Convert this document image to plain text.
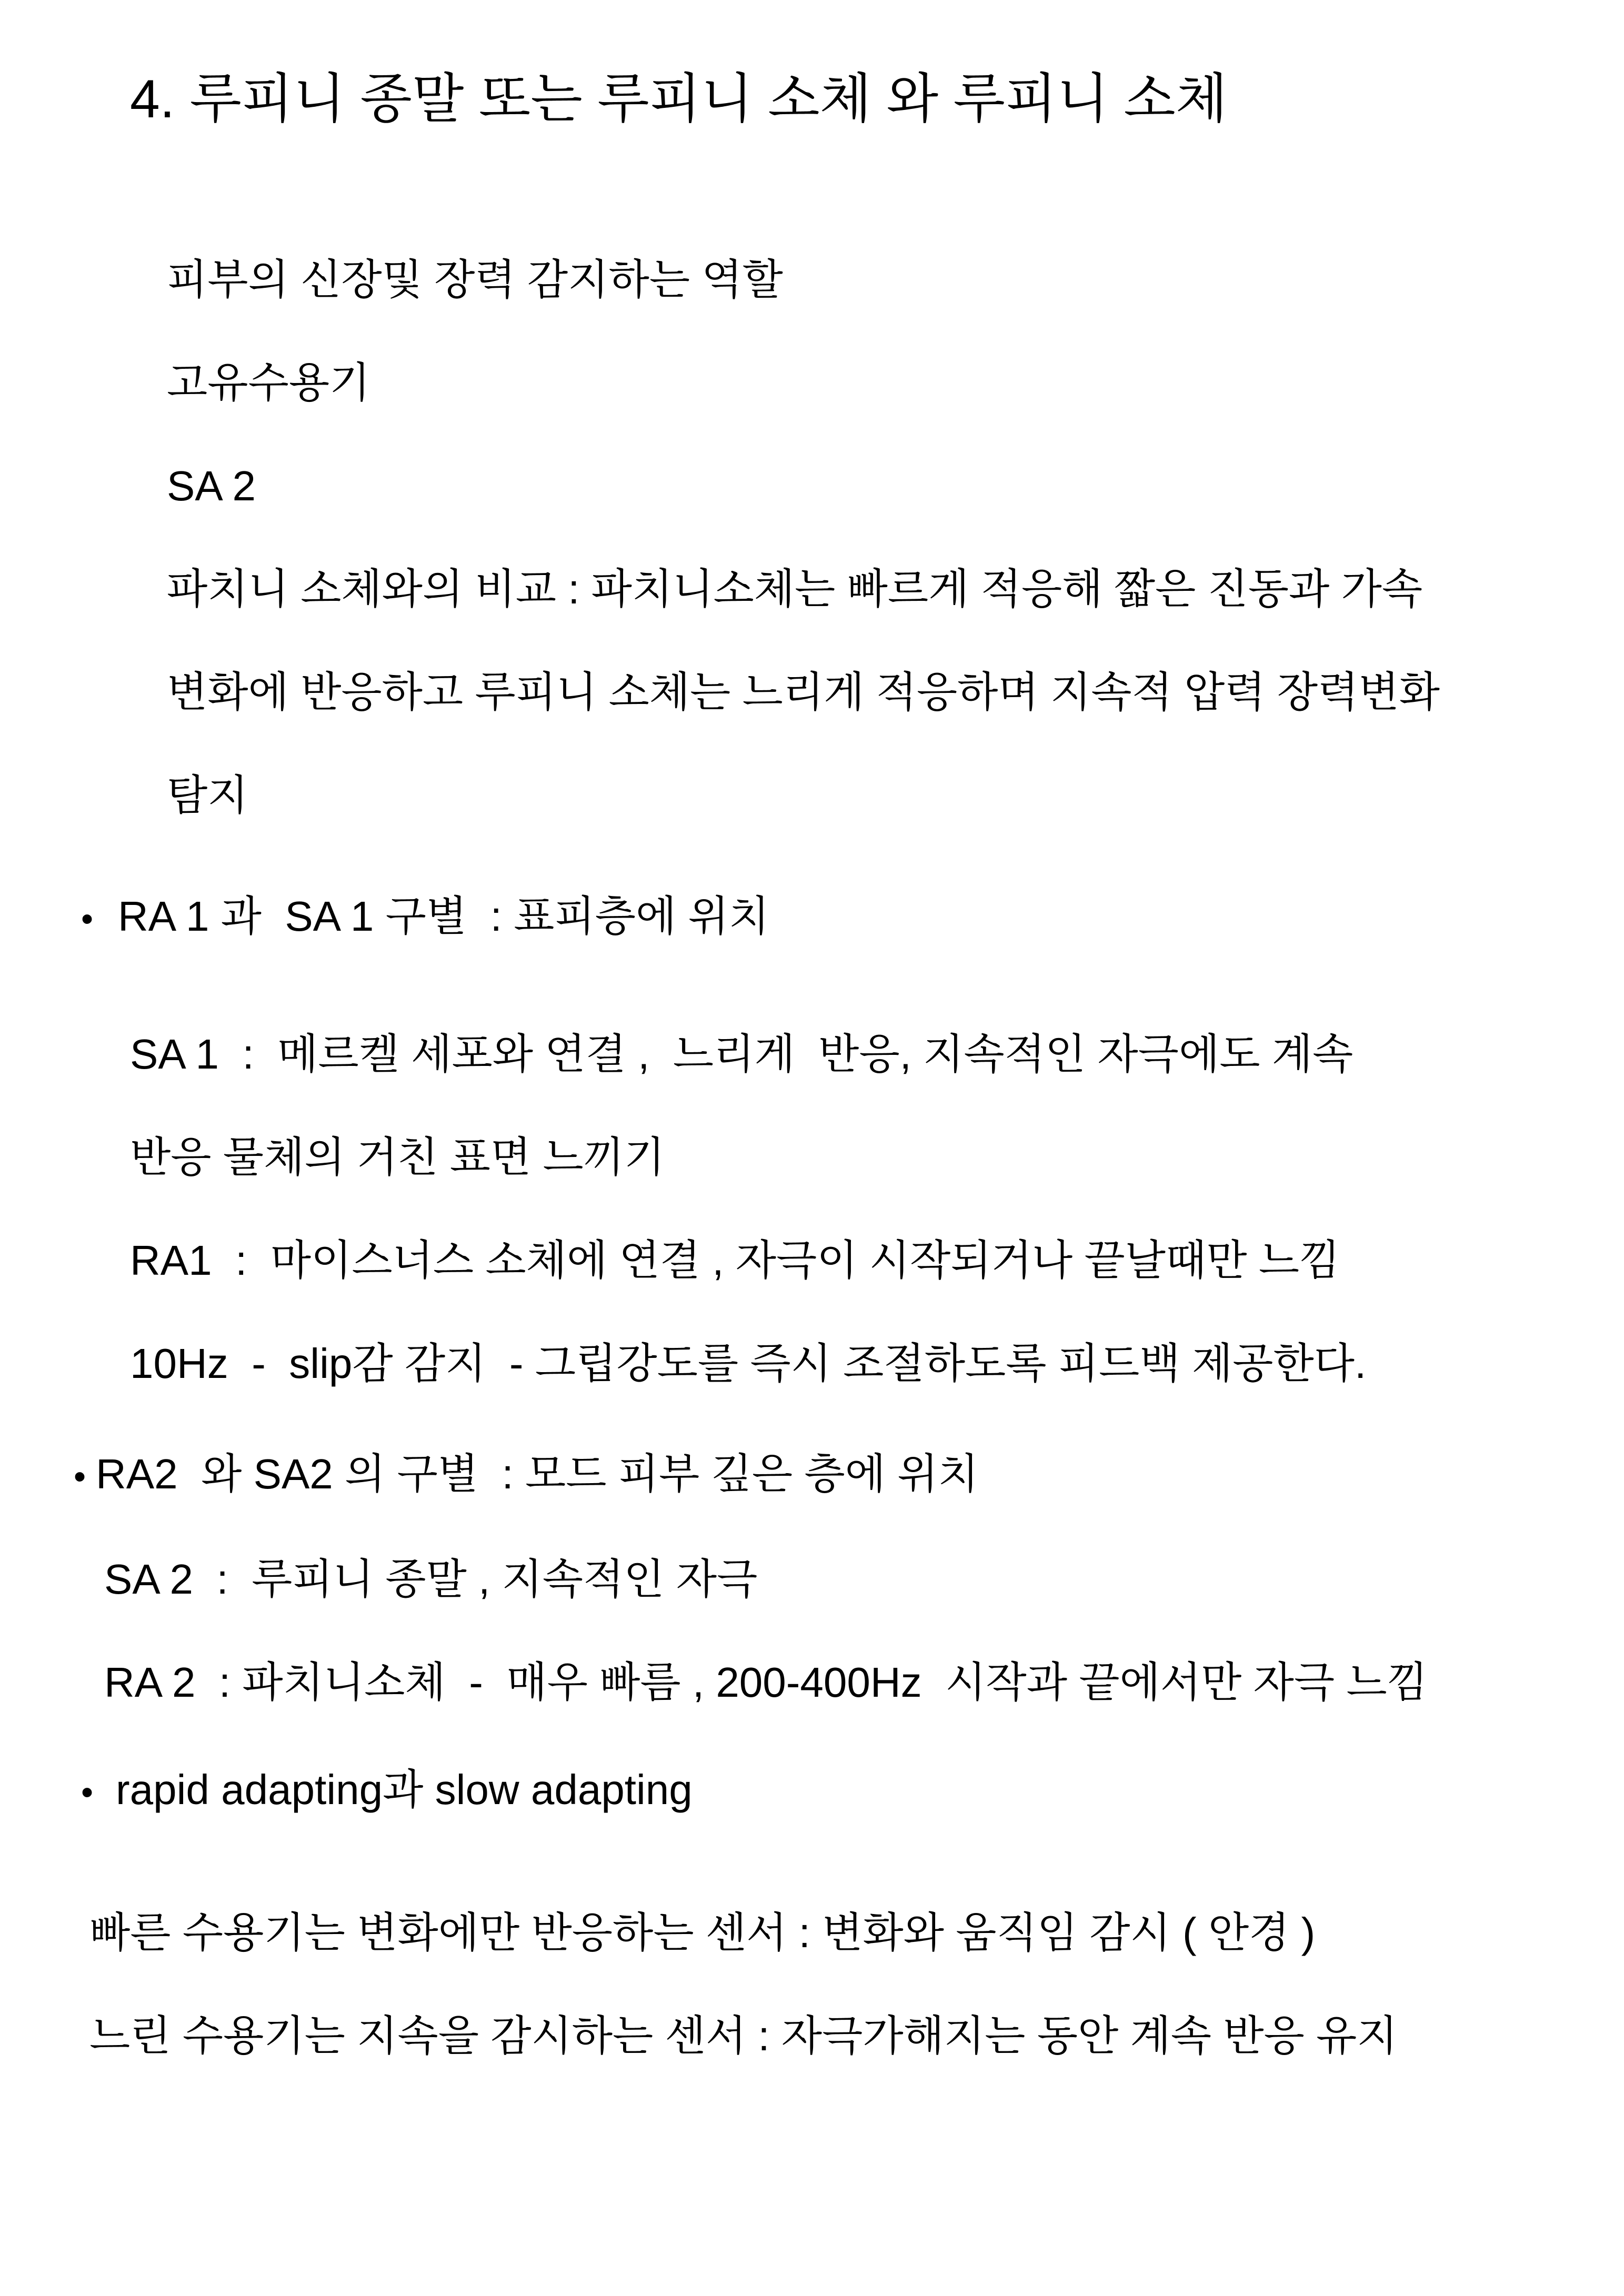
4. 루피니 종말 또는 루피니 소체 와 루피니 소체
피부의 신장및 장력 감지하는 역할
고유수용기
SA 2
파치니 소체와의 비교 : 파치니소체는 빠르게 적응해 짧은 진동과 가속
변화에 반응하고 루피니 소체는 느리게 적응하며 지속적 압력 장력변화
탐지
• RA 1 과  SA 1 구별  : 표피층에 위치
SA 1  :  메르켈 세포와 연결 ,  느리게  반응, 지속적인 자극에도 계속
반응 물체의 거친 표면 느끼기
RA1  :  마이스너스 소체에 연결 , 자극이 시작되거나 끝날때만 느낌
10Hz  -  slip감 감지  - 그립강도를 즉시 조절하도록 피드백 제공한다.
• RA2  와 SA2 의 구별  : 모드 피부 깊은 층에 위치
SA 2  :  루피니 종말 , 지속적인 자극
RA 2  : 파치니소체  -  매우 빠름 , 200-400Hz  시작과 끝에서만 자극 느낌
• rapid adapting과 slow adapting
빠른 수용기는 변화에만 반응하는 센서 : 변화와 움직임 감시 ( 안경 )
느린 수용기는 지속을 감시하는 센서 : 자극가해지는 동안 계속 반응 유지
